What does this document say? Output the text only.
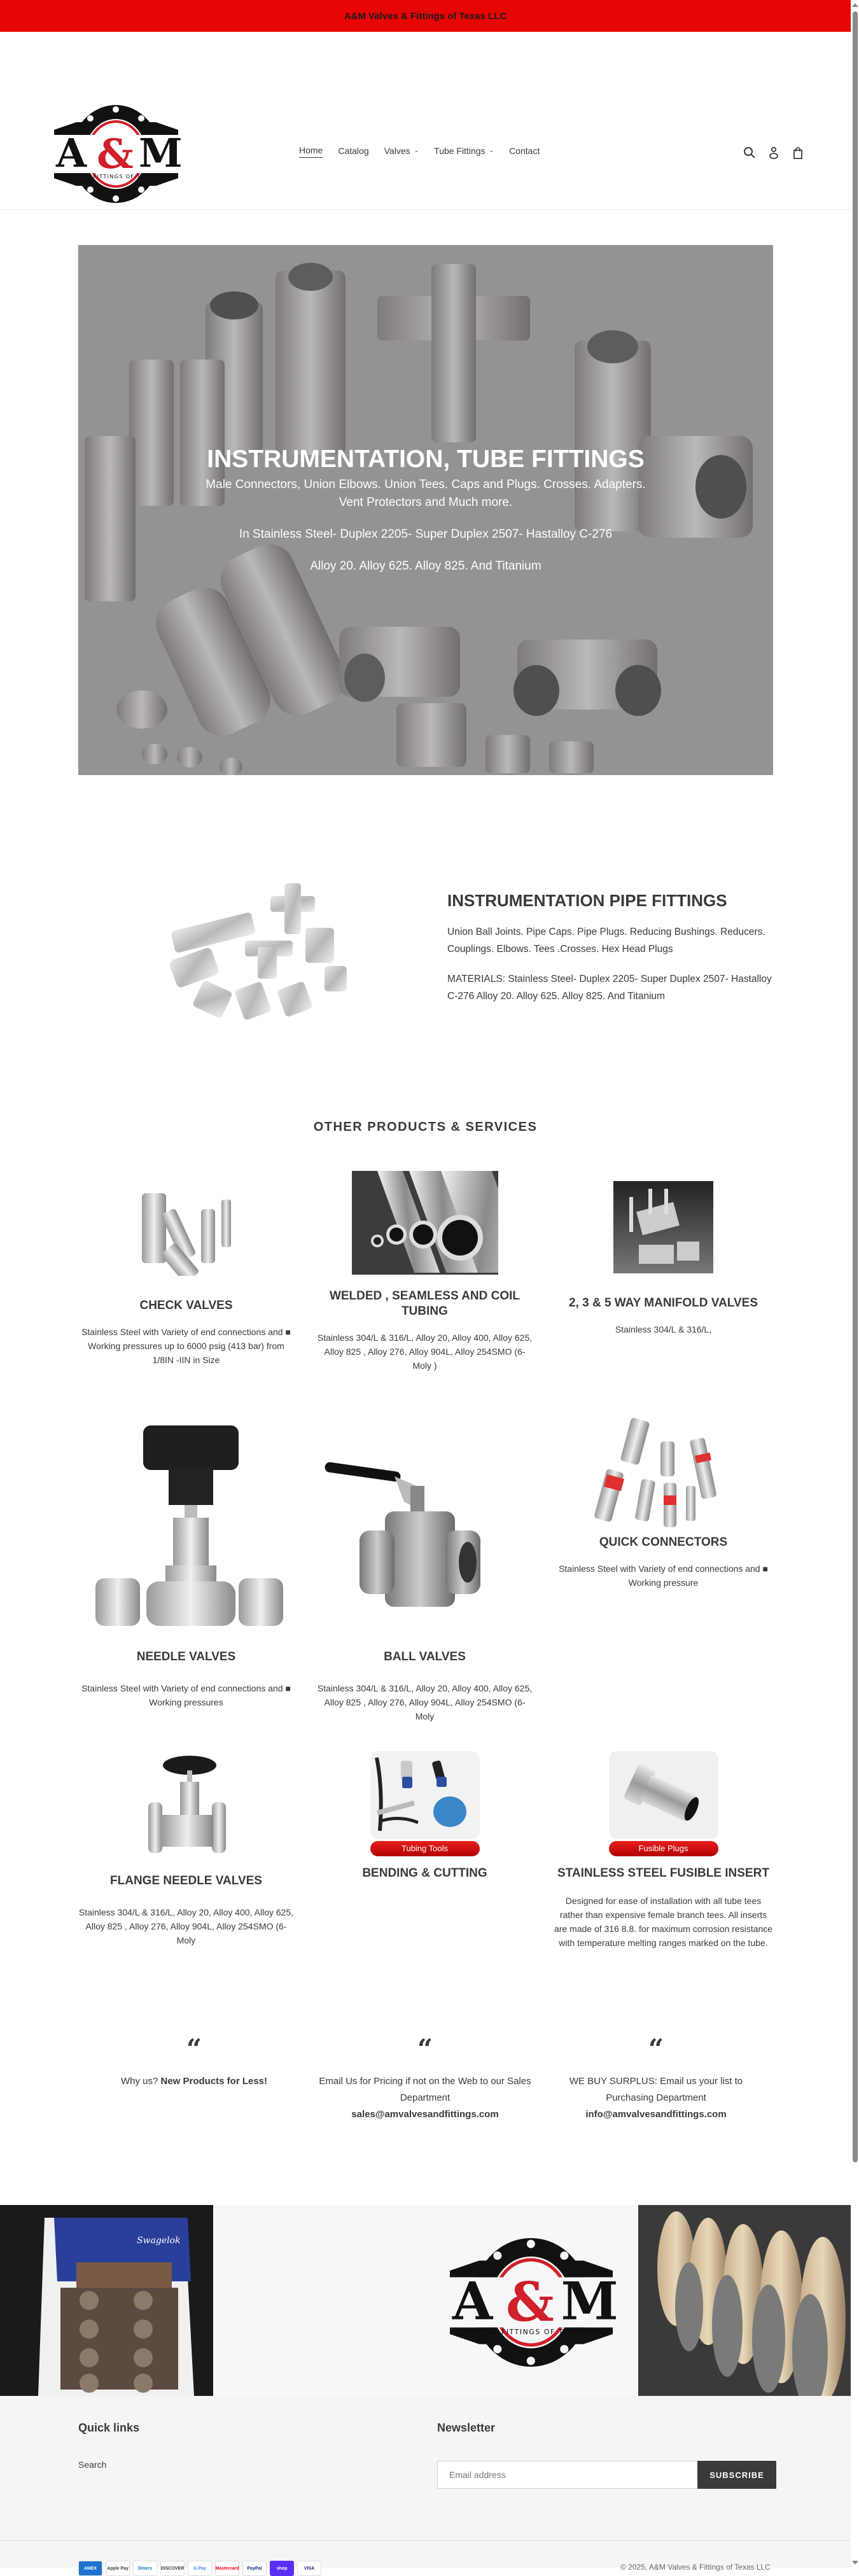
A&M Valves & Fittings of Texas LLC
A M
&
VALVES & FITTINGS OF TEXAS LLC
Home Catalog Valves ⌄ Tube Fittings ⌄ Contact
INSTRUMENTATION, TUBE FITTINGS

Male Connectors, Union Elbows. Union Tees. Caps and Plugs. Crosses. Adapters.

Vent Protectors and Much more.

In Stainless Steel- Duplex 2205- Super Duplex 2507- Hastalloy C-276

Alloy 20. Alloy 625. Alloy 825. And Titanium

INSTRUMENTATION PIPE FITTINGS

Union Ball Joints. Pipe Caps. Pipe Plugs. Reducing Bushings. Reducers. Couplings. Elbows. Tees .Crosses. Hex Head Plugs

MATERIALS: Stainless Steel- Duplex 2205- Super Duplex 2507- Hastalloy C-276 Alloy 20. Alloy 625. Alloy 825. And Titanium

OTHER PRODUCTS & SERVICES
CHECK VALVES

Stainless Steel with Variety of end connections and ■ Working pressures up to 6000 psig (413 bar) from 1/8IN -IIN in Size

WELDED , SEAMLESS AND COIL TUBING

Stainless 304/L & 316/L, Alloy 20, Alloy 400, Alloy 625, Alloy 825 , Alloy 276, Alloy 904L, Alloy 254SMO (6-Moly )

2, 3 & 5 WAY MANIFOLD VALVES

Stainless 304/L & 316/L,

NEEDLE VALVES

Stainless Steel with Variety of end connections and ■ Working pressures

BALL VALVES

Stainless 304/L & 316/L, Alloy 20, Alloy 400, Alloy 625, Alloy 825 , Alloy 276, Alloy 904L, Alloy 254SMO (6-Moly

QUICK CONNECTORS

Stainless Steel with Variety of end connections and ■ Working pressure

FLANGE NEEDLE VALVES

Stainless 304/L & 316/L, Alloy 20, Alloy 400, Alloy 625, Alloy 825 , Alloy 276, Alloy 904L, Alloy 254SMO (6-Moly

Tubing Tools
BENDING & CUTTING
Fusible Plugs
STAINLESS STEEL FUSIBLE INSERT

Designed for ease of installation with all tube tees rather than expensive female branch tees. All inserts are made of 316 8.8. for maximum corrosion resistance with temperature melting ranges marked on the tube.

“
Why us? New Products for Less!
“
Email Us for Pricing if not on the Web to our Sales Department
sales@amvalvesandfittings.com
“
WE BUY SURPLUS: Email us your list to Purchasing Department
info@amvalvesandfittings.com
Swagelok
A M
&
VALVES & FITTINGS OF TEXAS LLC
Quick links
Search
Newsletter
Email address
SUBSCRIBE
AMEX	Apple Pay	Diners	DISCOVER	G Pay	Mastercard	PayPal	shop	VISA	© 2025, A&M Valves & Fittings of Texas LLC
